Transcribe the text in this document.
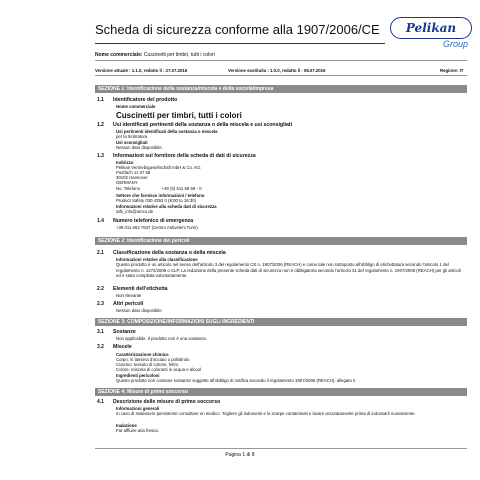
Scheda di sicurezza conforme alla 1907/2006/CE Pelikan
Group
Nome commerciale: Cuscinetti per timbri, tutti i colori
Versione attuale : 1.1.0, redatto il : 27.07.2016	Versione sostituita : 1.0.0, redatto il : 08.07.2016	Regione: IT
SEZIONE 1: Identificazione della sostanza/miscela e della società/impresa
1.1 Identificatore del prodotto
Nome commerciale
Cuscinetti per timbri, tutti i colori
1.2 Usi identificati pertinenti della sostanza o della miscela e usi sconsigliati
Usi pertinenti identificati della sostanza o miscela
per la timbratura
Usi sconsigliati
Nessun dato disponibile.
1.3 Informazioni sul fornitore della scheda di dati di sicurezza
Indirizzo
Pelikan Vertriebsgesellschaft mbH & Co. KG
Postfach 11 07 55
30102 Hannover
GERMANY
No. Telefono                  +49 (0) 511 69 69 - 0
Settore che fornisce informazioni / telefono
Product Safety 030 4393 0 (8:00 to 16:30)
Informazioni relative alla scheda dati di sicurezza
sdb_info@umco.de
1.4 Numero telefonico di emergenza
+39 011 663 7637 (Centro Antiveleni Turin)
SEZIONE 2: Identificazione dei pericoli
2.1 Classificazione della sostanza o della miscela
Informazioni relative alla classificazione
Questo prodotto è un articolo nel senso dell'articolo 3 del regolamento CE n. 1907/2006 (REACH) e come tale non sottoposto all'obbligo di etichettatura secondo l'articolo 1 del regolamento n. 1272/2008 o CLP. La redazione della presente scheda dati di sicurezza non è obbligatoria secondo l'articolo 31 del regolamento n. 1907/2006 (REACH) per gli articoli ed è stata compilata volontariamente.
2.2 Elementi dell'etichetta
Non rilevante
2.3 Altri pericoli
Nessun dato disponibile
SEZIONE 3: COMPOSIZIONE/INFORMAZIONI SUGLI INGREDIENTI
3.1 Sostanze
Non applicabile. Il prodotto non è una sostanza.
3.2 Miscele
Caratterizzazione chimica
Corpo: in lamiera d'acciaio o polistirolo
Cuscino: tessuto di cotone, feltro
Colore: miscela di coloranti in acqua e alcool
Ingredienti pericolosi
Questo prodotto non contiene sostanze soggette all'obbligo di notifica secondo il regolamento 1907/2006 (REACH), allegato II.
SEZIONE 4: Misure di primo soccorso
4.1 Descrizione delle misure di primo soccorso
Informazioni generali
In caso di malessere persistente consultare un medico. Togliere gli indumenti e le scarpe contaminati e lavare accuratamente prima di indossarli nuovamente.
Inalazione
Far affluire aria fresca.
Pagina 1 di 8
